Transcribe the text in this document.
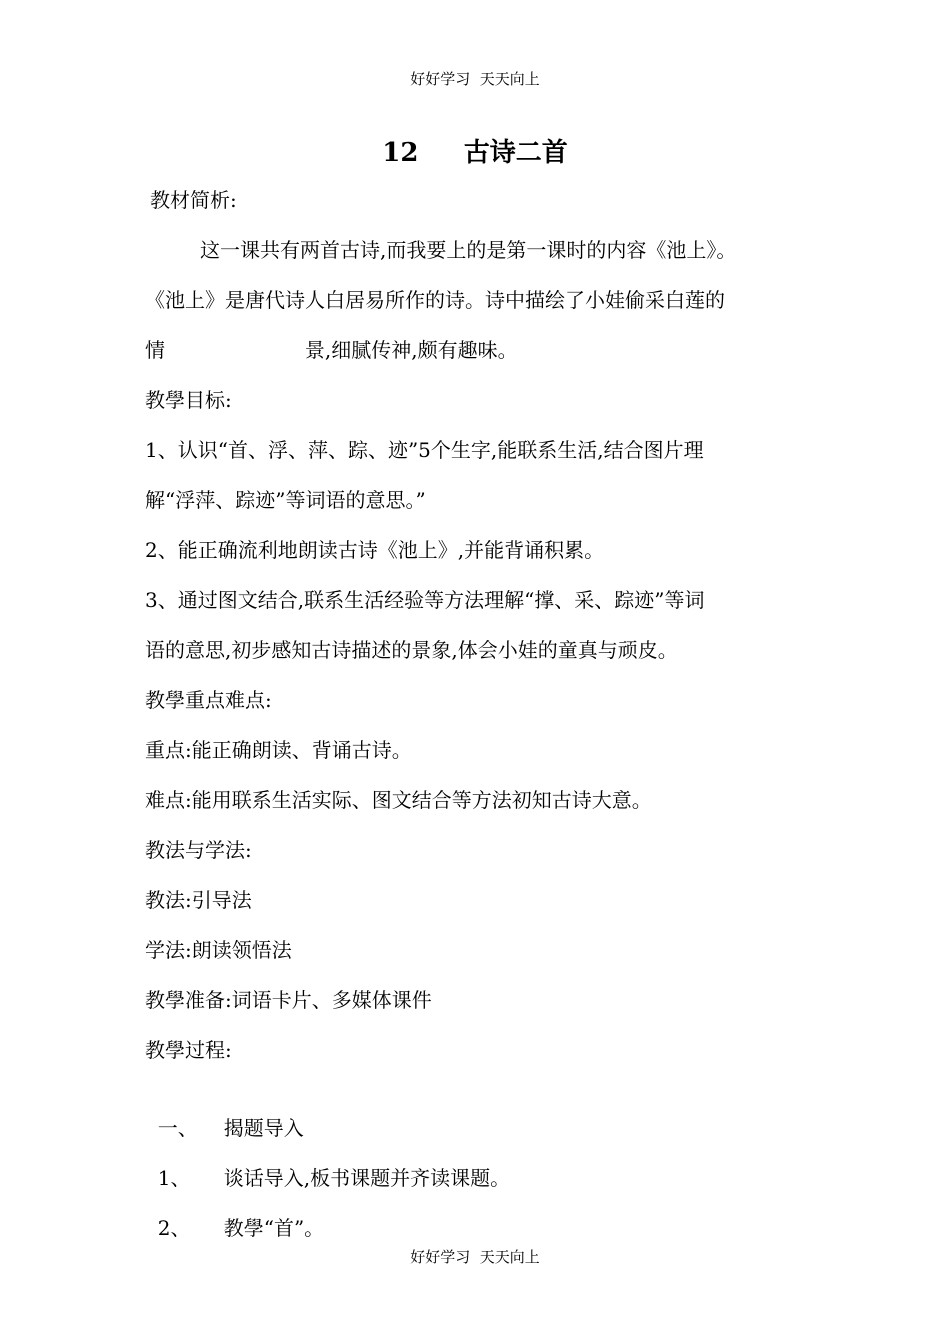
好好学习  天天向上
12     古诗二首
教材简析:
这一课共有两首古诗,而我要上的是第一课时的内容《池上》。
《池上》是唐代诗人白居易所作的诗。诗中描绘了小娃偷采白莲的
情                      景,细腻传神,颇有趣味。
教學目标:
1、认识“首、浮、萍、踪、迹”5个生字,能联系生活,结合图片理
解“浮萍、踪迹”等词语的意思。”
2、能正确流利地朗读古诗《池上》,并能背诵积累。
3、通过图文结合,联系生活经验等方法理解“撑、采、踪迹”等词
语的意思,初步感知古诗描述的景象,体会小娃的童真与顽皮。
教學重点难点:
重点:能正确朗读、背诵古诗。
难点:能用联系生活实际、图文结合等方法初知古诗大意。
教法与学法:
教法:引导法
学法:朗读领悟法
教學准备:词语卡片、多媒体课件
教學过程:

一、 揭题导入

1、 谈话导入,板书课题并齐读课题。

2、 教學“首”。

好好学习  天天向上
